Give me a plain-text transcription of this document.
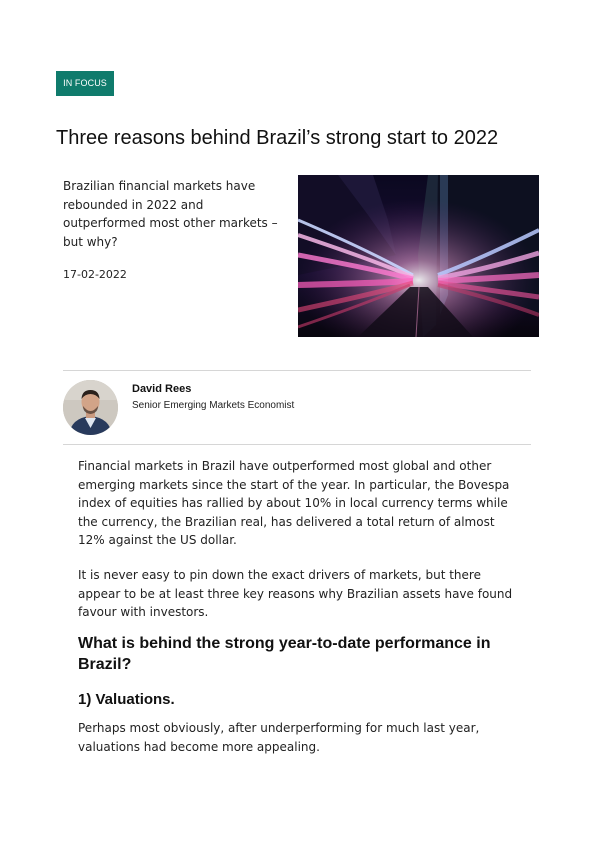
IN FOCUS
Three reasons behind Brazil’s strong start to 2022

Brazilian financial markets have rebounded in 2022 and outperformed most other markets – but why?

17-02-2022
David Rees
Senior Emerging Markets Economist

Financial markets in Brazil have outperformed most global and other emerging markets since the start of the year. In particular, the Bovespa index of equities has rallied by about 10% in local currency terms while the currency, the Brazilian real, has delivered a total return of almost 12% against the US dollar.

It is never easy to pin down the exact drivers of markets, but there appear to be at least three key reasons why Brazilian assets have found favour with investors.

What is behind the strong year-to-date performance in Brazil?
1) Valuations.

Perhaps most obviously, after underperforming for much last year, valuations had become more appealing.
